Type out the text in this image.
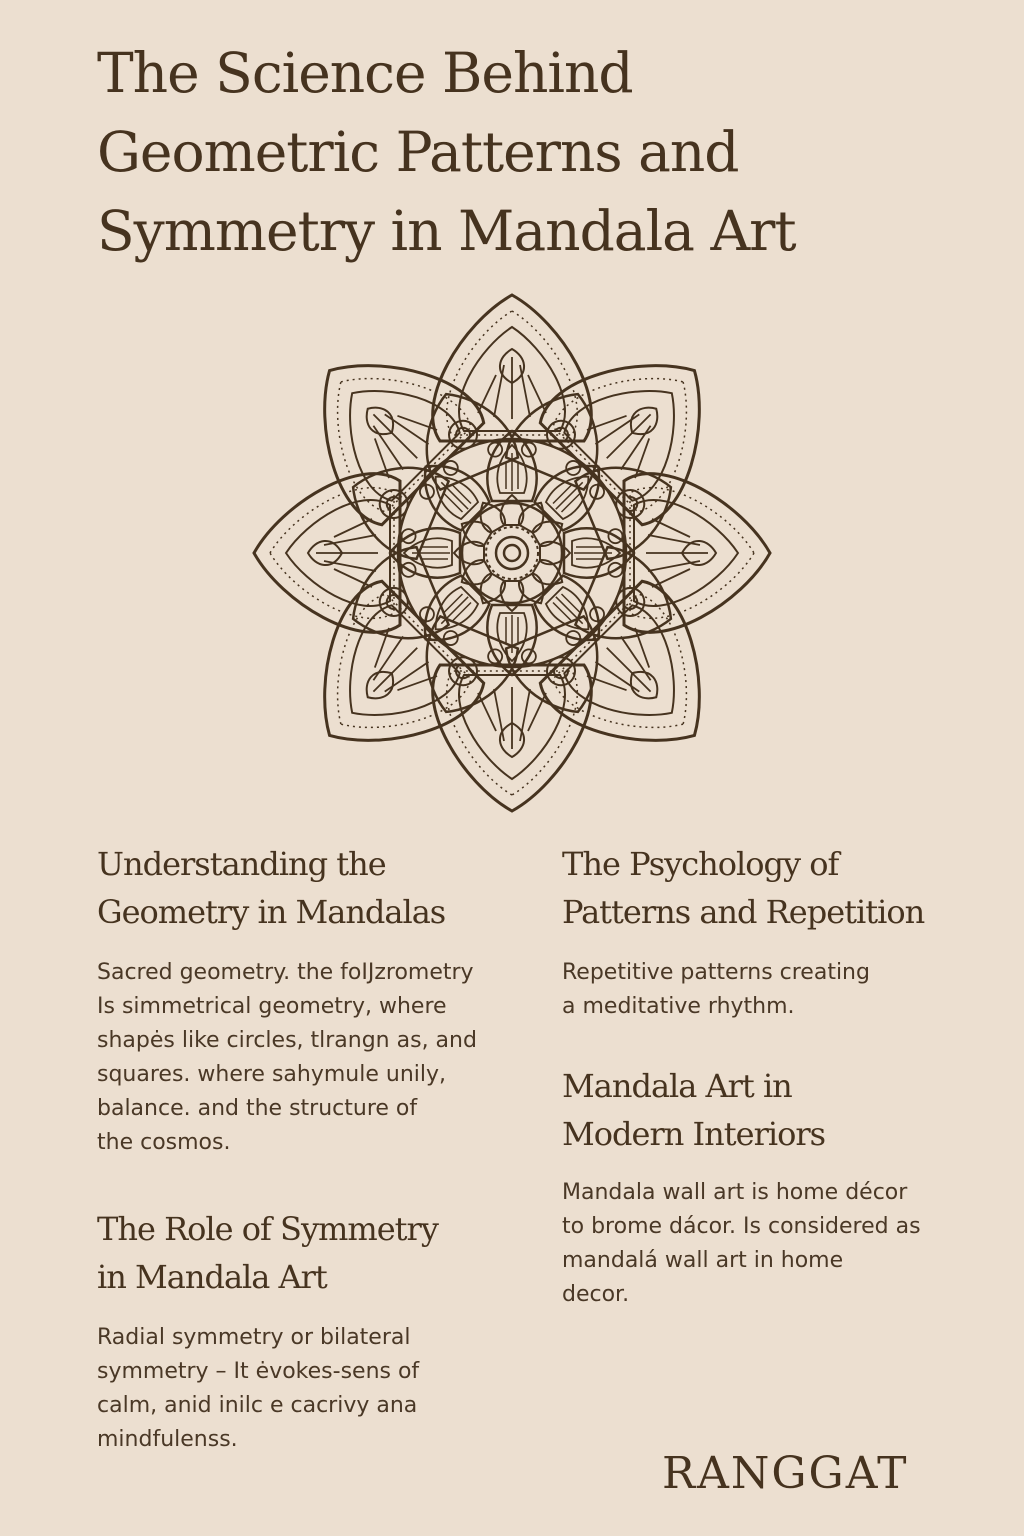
The Science Behind
Geometric Patterns and
Symmetry in Mandala Art
Understanding the
Geometry in Mandalas

Sacred geometry. the foIJzrometry
Is simmetrical geometry, where
shapės like circles, tlrangn as, and
squares. where sahymule unily,
balance. and the structure of
the cosmos.

The Role of Symmetry
in Mandala Art

Radial symmetry or bilateral
symmetry – It ėvokes-sens of
calm, anid inilc e cacrivy ana
mindfulenss.

The Psychology of
Patterns and Repetition

Repetitive patterns creating
a meditative rhythm.

Mandala Art in
Modern Interiors

Mandala wall art is home décor
to brome dácor. Is considered as
mandalá wall art in home
decor.

RANGGAT
